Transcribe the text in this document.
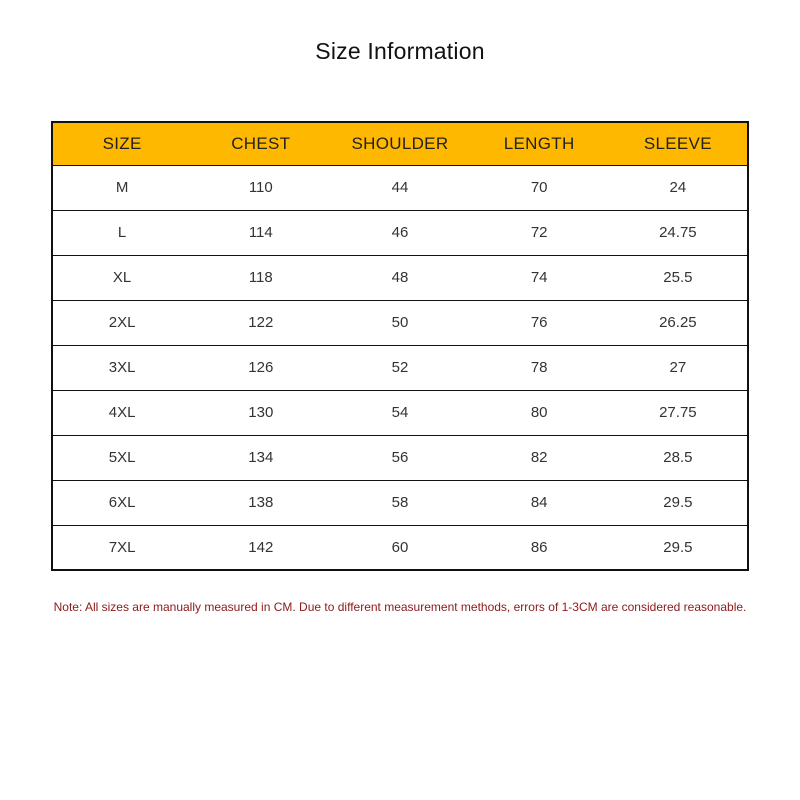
Size Information
SIZE	CHEST	SHOULDER	LENGTH	SLEEVE
M	110	44	70	24
L	114	46	72	24.75
XL	118	48	74	25.5
2XL	122	50	76	26.25
3XL	126	52	78	27
4XL	130	54	80	27.75
5XL	134	56	82	28.5
6XL	138	58	84	29.5
7XL	142	60	86	29.5

Note: All sizes are manually measured in CM. Due to different measurement methods, errors of 1-3CM are considered reasonable.
